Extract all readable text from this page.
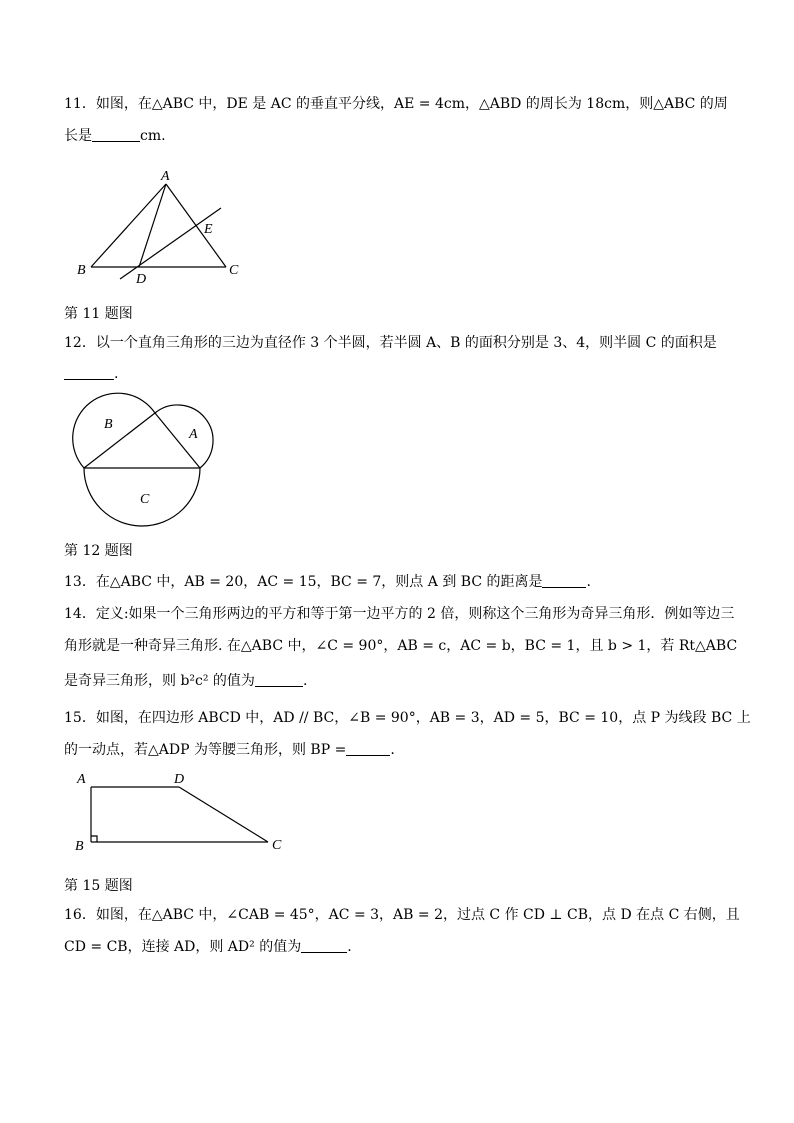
11．如图，在△ABC 中，DE 是 AC 的垂直平分线，AE = 4cm，△ABD 的周长为 18cm，则△ABC 的周
长是	cm.
A
B	C
D
E
第 11 题图
12．以一个直角三角形的三边为直径作 3 个半圆，若半圆 A、B 的面积分别是 3、4，则半圆 C 的面积是
.
B
A
C
第 12 题图
13．在△ABC 中，AB = 20，AC = 15，BC = 7，则点 A 到 BC 的距离是	.
14．定义:如果一个三角形两边的平方和等于第一边平方的 2 倍，则称这个三角形为奇异三角形．例如等边三
角形就是一种奇异三角形. 在△ABC 中，∠C = 90°，AB = c，AC = b，BC = 1，且 b > 1，若 Rt△ABC
是奇异三角形，则 b²c² 的值为	.
15．如图，在四边形 ABCD 中，AD // BC，∠B = 90°，AB = 3，AD = 5，BC = 10，点 P 为线段 BC 上
的一动点，若△ADP 为等腰三角形，则 BP =	.
A	D
B	C
第 15 题图
16．如图，在△ABC 中，∠CAB = 45°，AC = 3，AB = 2，过点 C 作 CD ⊥ CB，点 D 在点 C 右侧，且
CD = CB，连接 AD，则 AD² 的值为	.
